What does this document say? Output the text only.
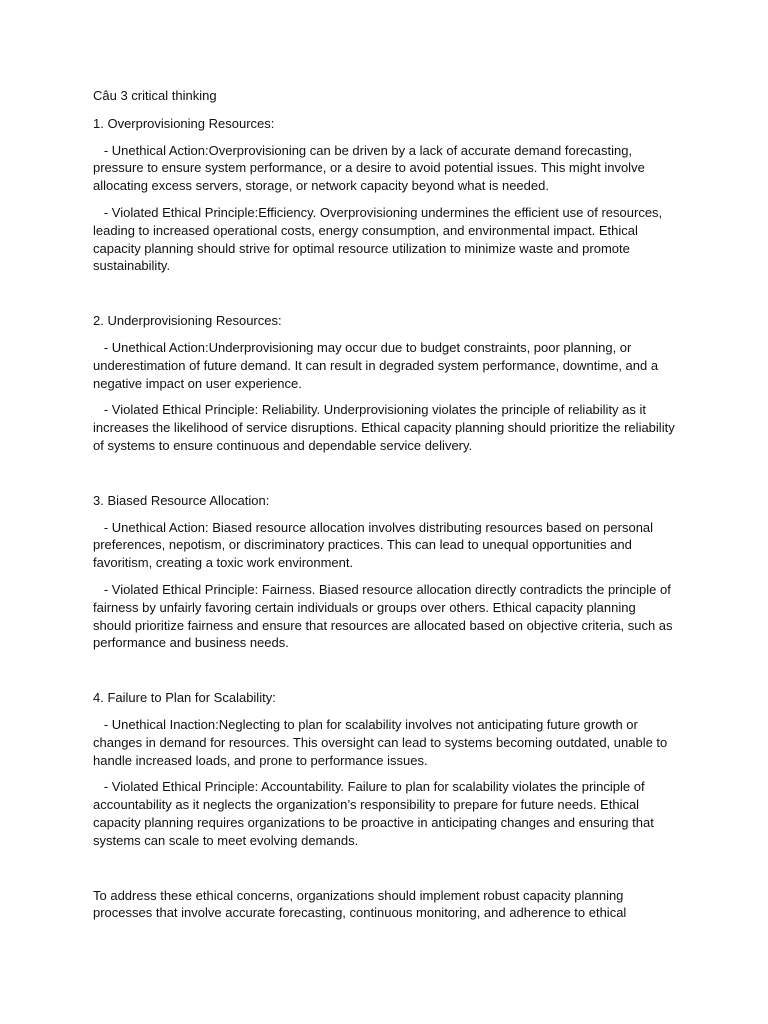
Câu 3 critical thinking

1. Overprovisioning Resources:

- Unethical Action:Overprovisioning can be driven by a lack of accurate demand forecasting, pressure to ensure system performance, or a desire to avoid potential issues. This might involve allocating excess servers, storage, or network capacity beyond what is needed.

- Violated Ethical Principle:Efficiency. Overprovisioning undermines the efficient use of resources, leading to increased operational costs, energy consumption, and environmental impact. Ethical capacity planning should strive for optimal resource utilization to minimize waste and promote sustainability.

2. Underprovisioning Resources:

- Unethical Action:Underprovisioning may occur due to budget constraints, poor planning, or underestimation of future demand. It can result in degraded system performance, downtime, and a negative impact on user experience.

- Violated Ethical Principle: Reliability. Underprovisioning violates the principle of reliability as it increases the likelihood of service disruptions. Ethical capacity planning should prioritize the reliability of systems to ensure continuous and dependable service delivery.

3. Biased Resource Allocation:

- Unethical Action: Biased resource allocation involves distributing resources based on personal preferences, nepotism, or discriminatory practices. This can lead to unequal opportunities and favoritism, creating a toxic work environment.

- Violated Ethical Principle: Fairness. Biased resource allocation directly contradicts the principle of fairness by unfairly favoring certain individuals or groups over others. Ethical capacity planning should prioritize fairness and ensure that resources are allocated based on objective criteria, such as performance and business needs.

4. Failure to Plan for Scalability:

- Unethical Inaction:Neglecting to plan for scalability involves not anticipating future growth or changes in demand for resources. This oversight can lead to systems becoming outdated, unable to handle increased loads, and prone to performance issues.

- Violated Ethical Principle: Accountability. Failure to plan for scalability violates the principle of accountability as it neglects the organization’s responsibility to prepare for future needs. Ethical capacity planning requires organizations to be proactive in anticipating changes and ensuring that systems can scale to meet evolving demands.

To address these ethical concerns, organizations should implement robust capacity planning processes that involve accurate forecasting, continuous monitoring, and adherence to ethical
